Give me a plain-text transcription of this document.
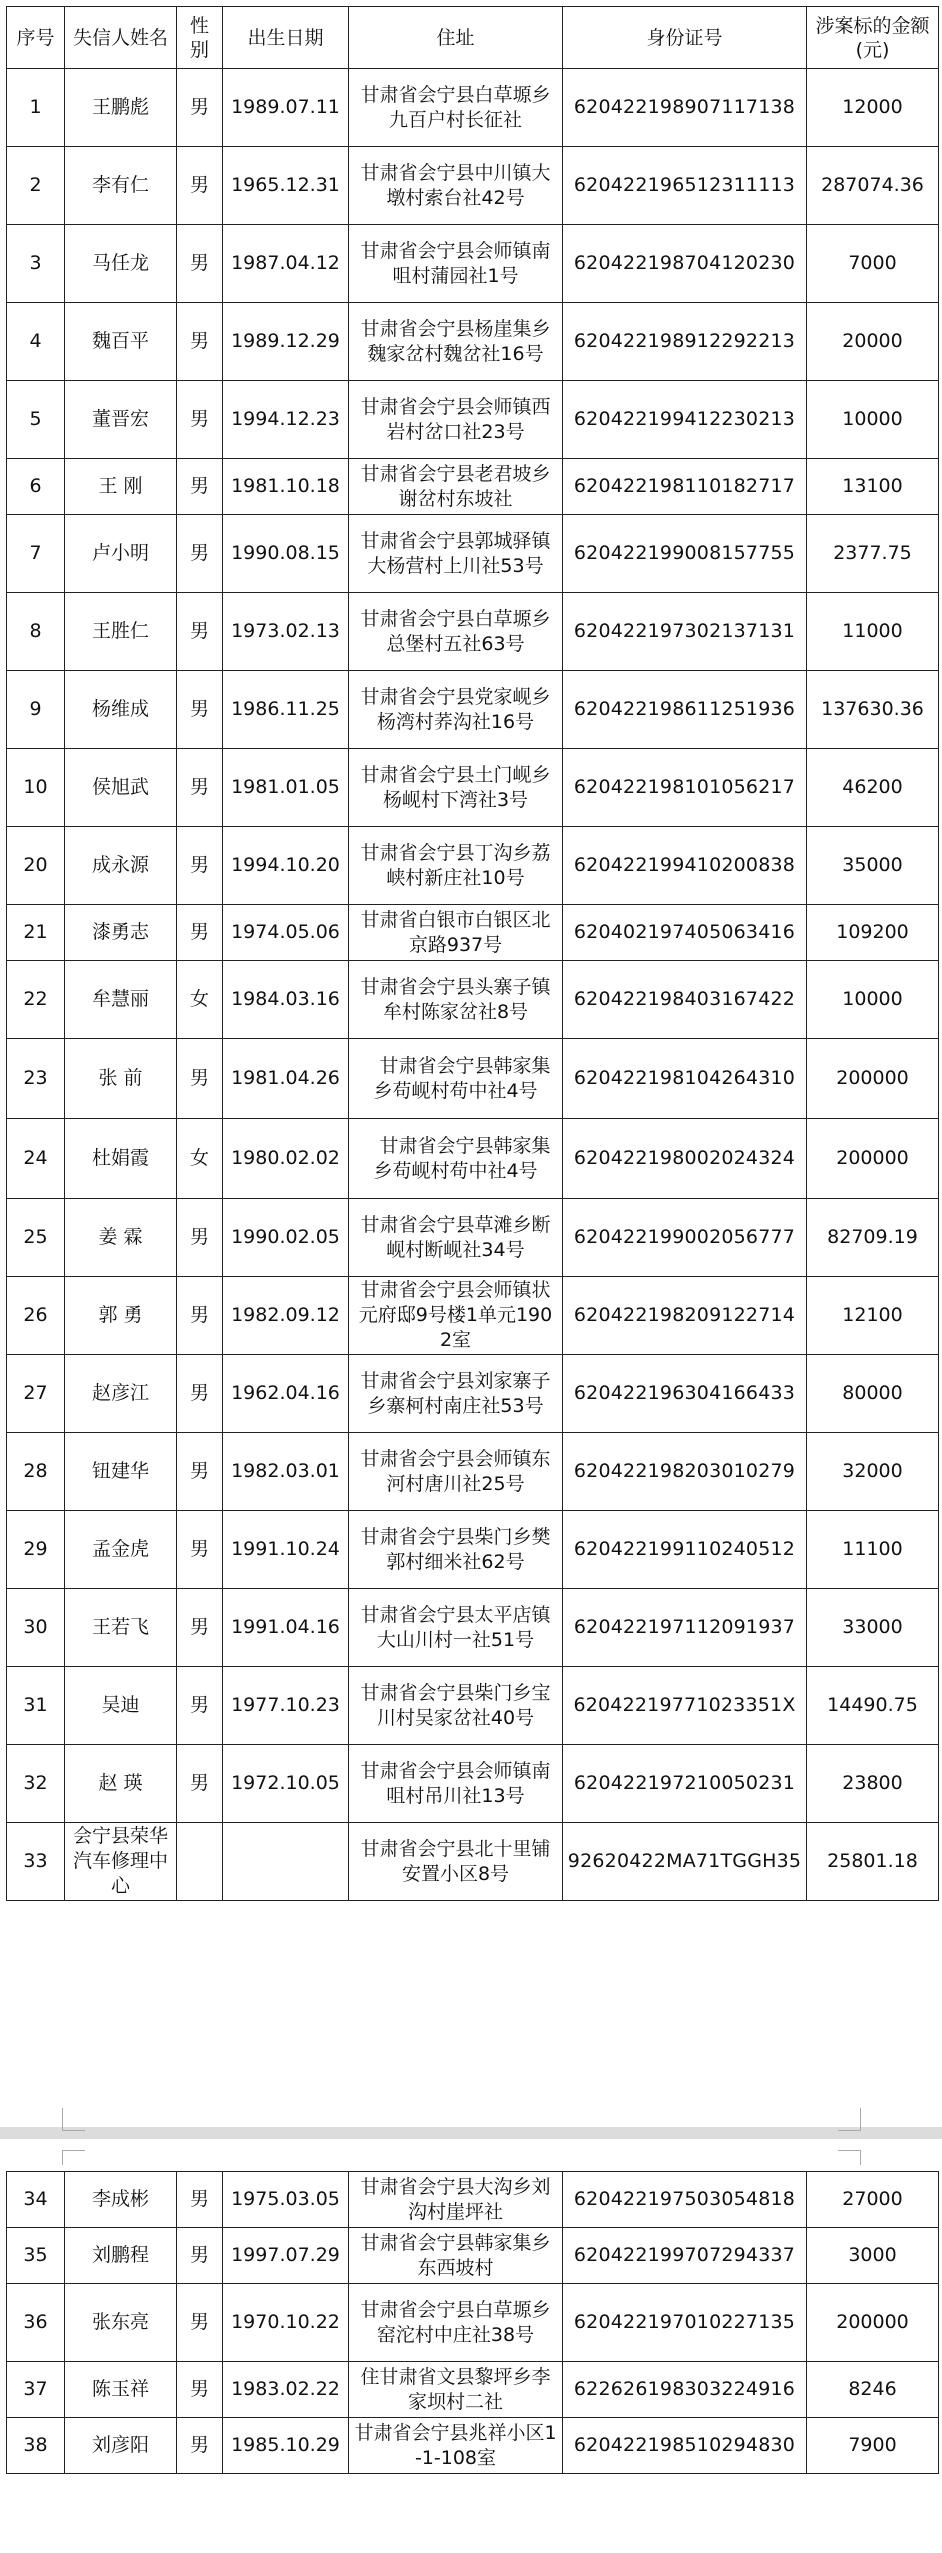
序号	失信人姓名	性别	出生日期	住址	身份证号	涉案标的金额(元)
1	王鹏彪	男	1989.07.11	甘肃省会宁县白草塬乡九百户村长征社	620422198907117138	12000
2	李有仁	男	1965.12.31	甘肃省会宁县中川镇大墩村索台社42号	620422196512311113	287074.36
3	马任龙	男	1987.04.12	甘肃省会宁县会师镇南咀村蒲园社1号	620422198704120230	7000
4	魏百平	男	1989.12.29	甘肃省会宁县杨崖集乡魏家岔村魏岔社16号	620422198912292213	20000
5	董晋宏	男	1994.12.23	甘肃省会宁县会师镇西岩村岔口社23号	620422199412230213	10000
6	王 刚	男	1981.10.18	甘肃省会宁县老君坡乡谢岔村东坡社	620422198110182717	13100
7	卢小明	男	1990.08.15	甘肃省会宁县郭城驿镇大杨营村上川社53号	620422199008157755	2377.75
8	王胜仁	男	1973.02.13	甘肃省会宁县白草塬乡总堡村五社63号	620422197302137131	11000
9	杨维成	男	1986.11.25	甘肃省会宁县党家岘乡杨湾村荞沟社16号	620422198611251936	137630.36
10	侯旭武	男	1981.01.05	甘肃省会宁县土门岘乡杨岘村下湾社3号	620422198101056217	46200
20	成永源	男	1994.10.20	甘肃省会宁县丁沟乡荔峡村新庄社10号	620422199410200838	35000
21	漆勇志	男	1974.05.06	甘肃省白银市白银区北京路937号	620402197405063416	109200
22	牟慧丽	女	1984.03.16	甘肃省会宁县头寨子镇牟村陈家岔社8号	620422198403167422	10000
23	张 前	男	1981.04.26	　甘肃省会宁县韩家集乡苟岘村苟中社4号	620422198104264310	200000
24	杜娟霞	女	1980.02.02	　甘肃省会宁县韩家集乡苟岘村苟中社4号	620422198002024324	200000
25	姜 霖	男	1990.02.05	甘肃省会宁县草滩乡断岘村断岘社34号	620422199002056777	82709.19
26	郭 勇	男	1982.09.12	甘肃省会宁县会师镇状元府邸9号楼1单元1902室	620422198209122714	12100
27	赵彦江	男	1962.04.16	甘肃省会宁县刘家寨子乡寨柯村南庄社53号	620422196304166433	80000
28	钮建华	男	1982.03.01	甘肃省会宁县会师镇东河村唐川社25号	620422198203010279	32000
29	孟金虎	男	1991.10.24	甘肃省会宁县柴门乡樊郭村细米社62号	620422199110240512	11100
30	王若飞	男	1991.04.16	甘肃省会宁县太平店镇大山川村一社51号	620422197112091937	33000
31	吴迪	男	1977.10.23	甘肃省会宁县柴门乡宝川村吴家岔社40号	62042219771023351X	14490.75
32	赵 瑛	男	1972.10.05	甘肃省会宁县会师镇南咀村吊川社13号	620422197210050231	23800
33	会宁县荣华汽车修理中心			甘肃省会宁县北十里铺安置小区8号	92620422MA71TGGH35	25801.18
34	李成彬	男	1975.03.05	甘肃省会宁县大沟乡刘沟村崖坪社	620422197503054818	27000
35	刘鹏程	男	1997.07.29	甘肃省会宁县韩家集乡东西坡村	620422199707294337	3000
36	张东亮	男	1970.10.22	甘肃省会宁县白草塬乡窑沱村中庄社38号	620422197010227135	200000
37	陈玉祥	男	1983.02.22	住甘肃省文县黎坪乡李家坝村二社	622626198303224916	8246
38	刘彦阳	男	1985.10.29	甘肃省会宁县兆祥小区1-1-108室	620422198510294830	7900
